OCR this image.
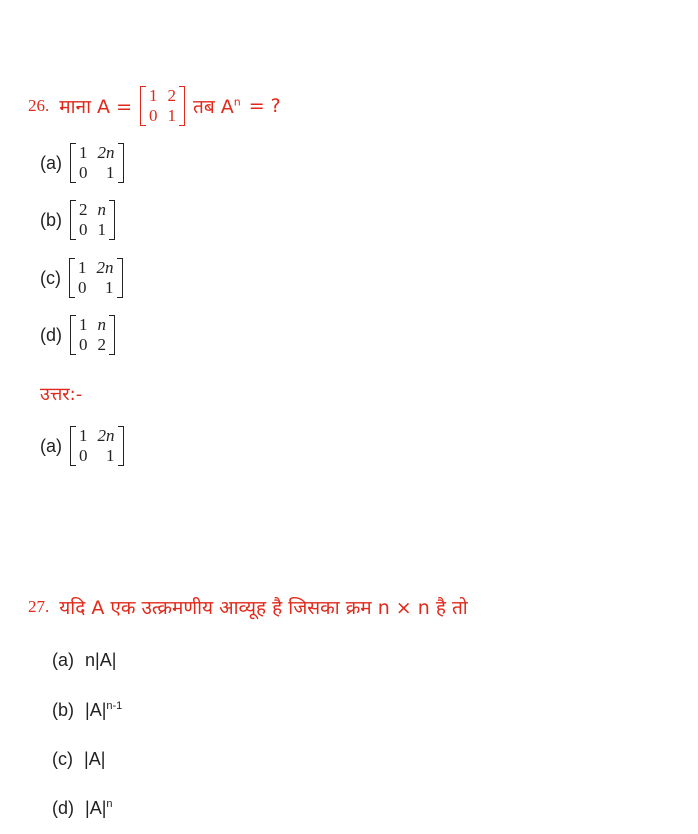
26. माना A =
1 2
0 1 तब $A^n$ = ?
(a) 1 2n
0	1
(b) 2 n
0 1
(c) 1 2n
0	1
(d) 1 n
0 2
उत्तर:-
(a) 1 2n
0	1
27. यदि A एक उत्क्रमणीय आव्यूह है जिसका क्रम n × n है तो
(a) n|A|
(b) $|A|^{n-1}$
(c) |A|
(d) $|A|^n$
